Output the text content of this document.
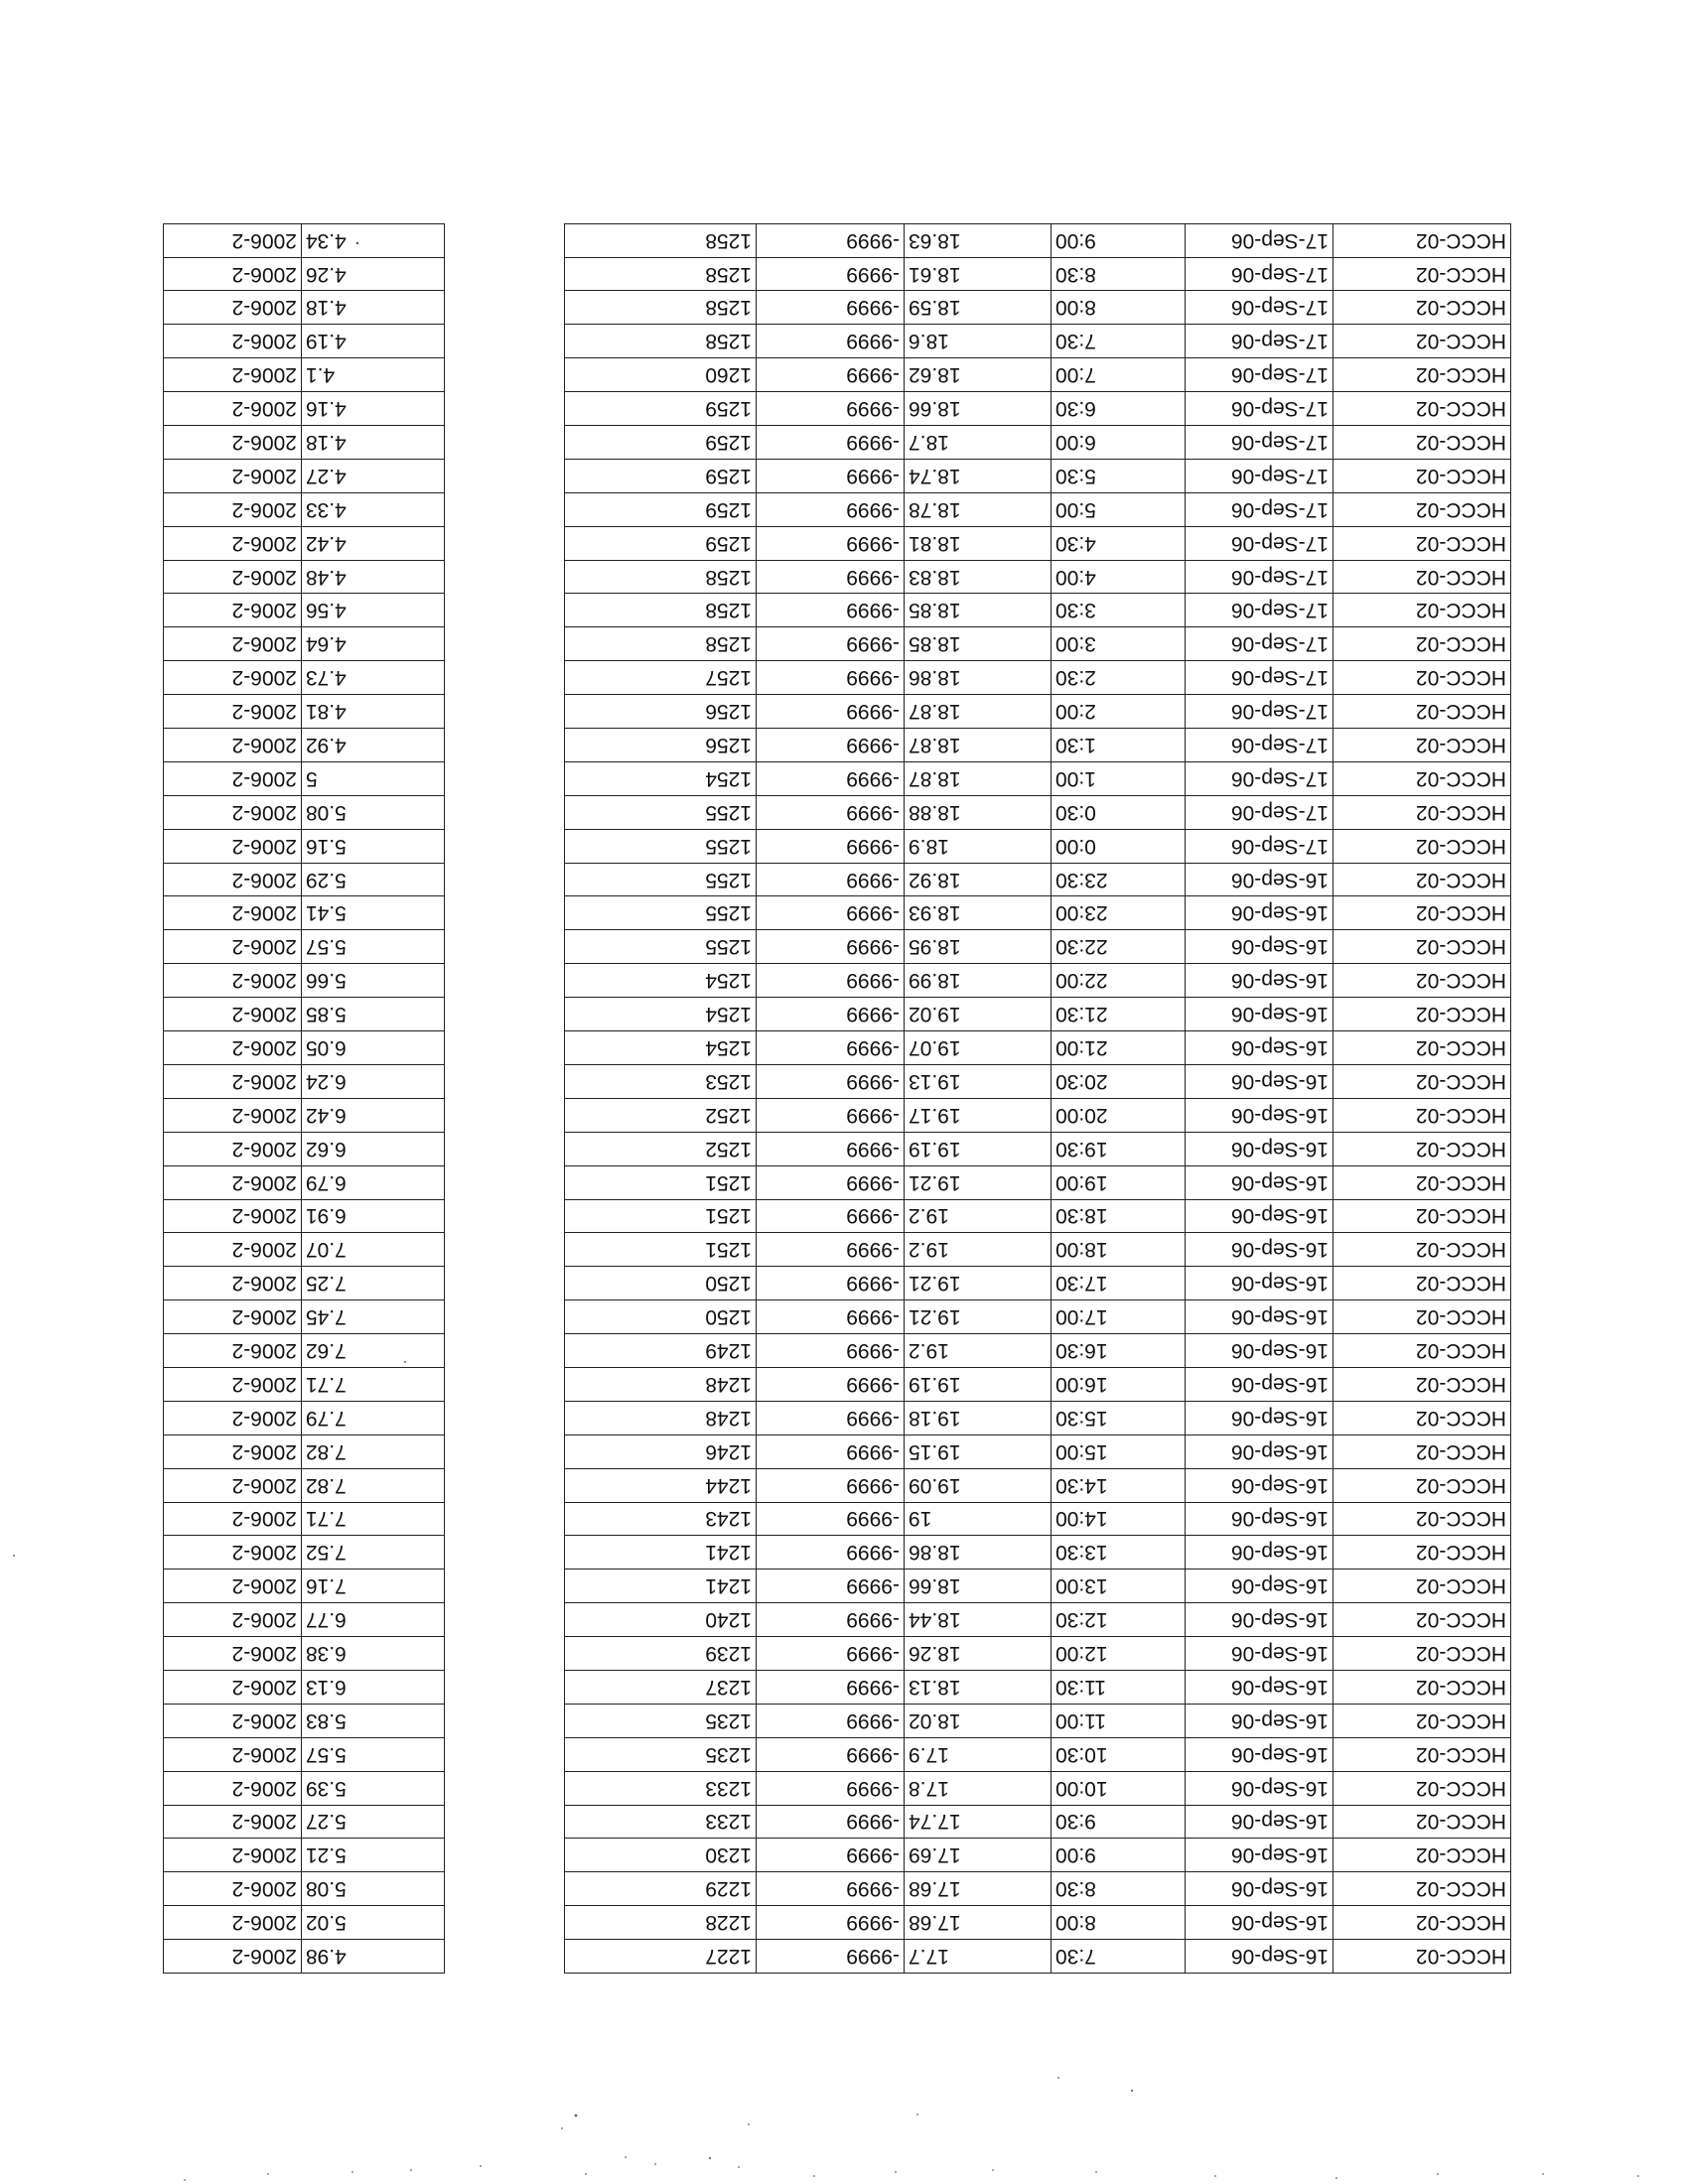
HCCC-02	16-Sep-06	7:30	17.7	-9999	1227
HCCC-02	16-Sep-06	8:00	17.68	-9999	1228
HCCC-02	16-Sep-06	8:30	17.68	-9999	1229
HCCC-02	16-Sep-06	9:00	17.69	-9999	1230
HCCC-02	16-Sep-06	9:30	17.74	-9999	1233
HCCC-02	16-Sep-06	10:00	17.8	-9999	1233
HCCC-02	16-Sep-06	10:30	17.9	-9999	1235
HCCC-02	16-Sep-06	11:00	18.02	-9999	1235
HCCC-02	16-Sep-06	11:30	18.13	-9999	1237
HCCC-02	16-Sep-06	12:00	18.26	-9999	1239
HCCC-02	16-Sep-06	12:30	18.44	-9999	1240
HCCC-02	16-Sep-06	13:00	18.66	-9999	1241
HCCC-02	16-Sep-06	13:30	18.86	-9999	1241
HCCC-02	16-Sep-06	14:00	19	-9999	1243
HCCC-02	16-Sep-06	14:30	19.09	-9999	1244
HCCC-02	16-Sep-06	15:00	19.15	-9999	1246
HCCC-02	16-Sep-06	15:30	19.18	-9999	1248
HCCC-02	16-Sep-06	16:00	19.19	-9999	1248
HCCC-02	16-Sep-06	16:30	19.2	-9999	1249
HCCC-02	16-Sep-06	17:00	19.21	-9999	1250
HCCC-02	16-Sep-06	17:30	19.21	-9999	1250
HCCC-02	16-Sep-06	18:00	19.2	-9999	1251
HCCC-02	16-Sep-06	18:30	19.2	-9999	1251
HCCC-02	16-Sep-06	19:00	19.21	-9999	1251
HCCC-02	16-Sep-06	19:30	19.19	-9999	1252
HCCC-02	16-Sep-06	20:00	19.17	-9999	1252
HCCC-02	16-Sep-06	20:30	19.13	-9999	1253
HCCC-02	16-Sep-06	21:00	19.07	-9999	1254
HCCC-02	16-Sep-06	21:30	19.02	-9999	1254
HCCC-02	16-Sep-06	22:00	18.99	-9999	1254
HCCC-02	16-Sep-06	22:30	18.95	-9999	1255
HCCC-02	16-Sep-06	23:00	18.93	-9999	1255
HCCC-02	16-Sep-06	23:30	18.92	-9999	1255
HCCC-02	17-Sep-06	0:00	18.9	-9999	1255
HCCC-02	17-Sep-06	0:30	18.88	-9999	1255
HCCC-02	17-Sep-06	1:00	18.87	-9999	1254
HCCC-02	17-Sep-06	1:30	18.87	-9999	1256
HCCC-02	17-Sep-06	2:00	18.87	-9999	1256
HCCC-02	17-Sep-06	2:30	18.86	-9999	1257
HCCC-02	17-Sep-06	3:00	18.85	-9999	1258
HCCC-02	17-Sep-06	3:30	18.85	-9999	1258
HCCC-02	17-Sep-06	4:00	18.83	-9999	1258
HCCC-02	17-Sep-06	4:30	18.81	-9999	1259
HCCC-02	17-Sep-06	5:00	18.78	-9999	1259
HCCC-02	17-Sep-06	5:30	18.74	-9999	1259
HCCC-02	17-Sep-06	6:00	18.7	-9999	1259
HCCC-02	17-Sep-06	6:30	18.66	-9999	1259
HCCC-02	17-Sep-06	7:00	18.62	-9999	1260
HCCC-02	17-Sep-06	7:30	18.6	-9999	1258
HCCC-02	17-Sep-06	8:00	18.59	-9999	1258
HCCC-02	17-Sep-06	8:30	18.61	-9999	1258
HCCC-02	17-Sep-06	9:00	18.63	-9999	1258
4.98	2006-2
5.02	2006-2
5.08	2006-2
5.21	2006-2
5.27	2006-2
5.39	2006-2
5.57	2006-2
5.83	2006-2
6.13	2006-2
6.38	2006-2
6.77	2006-2
7.16	2006-2
7.52	2006-2
7.71	2006-2
7.82	2006-2
7.82	2006-2
7.79	2006-2
7.71	2006-2
7.62	2006-2
7.45	2006-2
7.25	2006-2
7.07	2006-2
6.91	2006-2
6.79	2006-2
6.62	2006-2
6.42	2006-2
6.24	2006-2
6.05	2006-2
5.85	2006-2
5.66	2006-2
5.57	2006-2
5.41	2006-2
5.29	2006-2
5.16	2006-2
5.08	2006-2
5	2006-2
4.92	2006-2
4.81	2006-2
4.73	2006-2
4.64	2006-2
4.56	2006-2
4.48	2006-2
4.42	2006-2
4.33	2006-2
4.27	2006-2
4.18	2006-2
4.16	2006-2
4.1	2006-2
4.19	2006-2
4.18	2006-2
4.26	2006-2
4.34	2006-2
